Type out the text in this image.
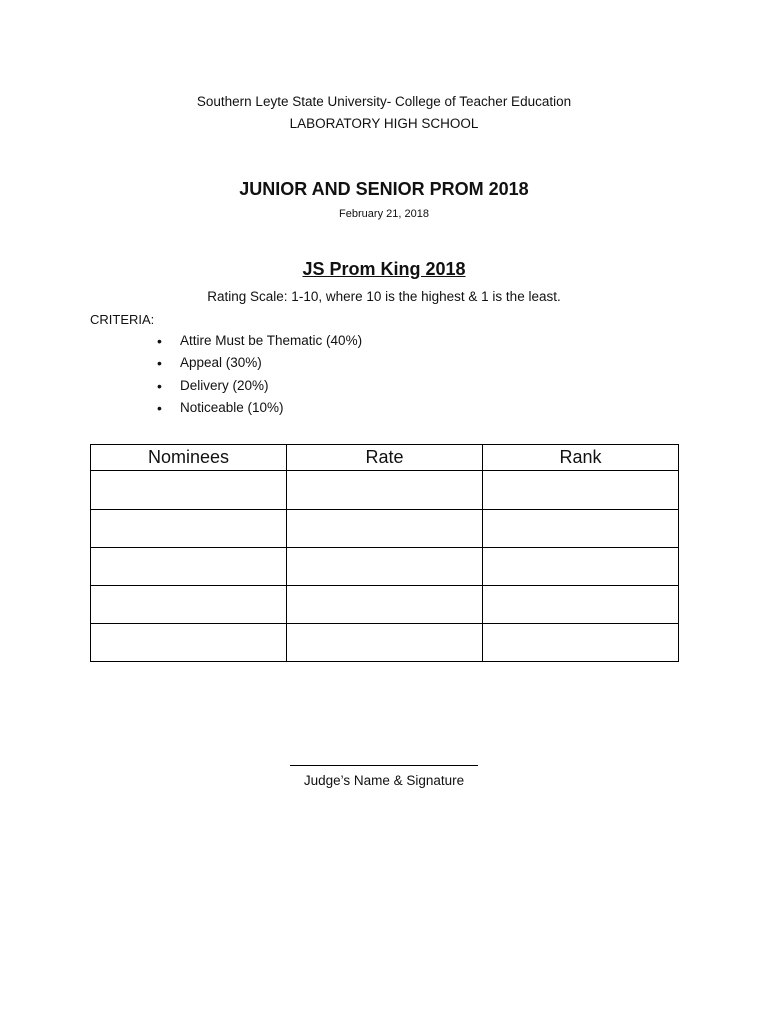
Southern Leyte State University- College of Teacher Education
LABORATORY HIGH SCHOOL
JUNIOR AND SENIOR PROM 2018
February 21, 2018
JS Prom King 2018
Rating Scale: 1-10, where 10 is the highest & 1 is the least.
CRITERIA:
• Attire Must be Thematic (40%)
• Appeal (30%)
• Delivery (20%)
• Noticeable (10%)
Nominees	Rate	Rank

Judge’s Name & Signature
